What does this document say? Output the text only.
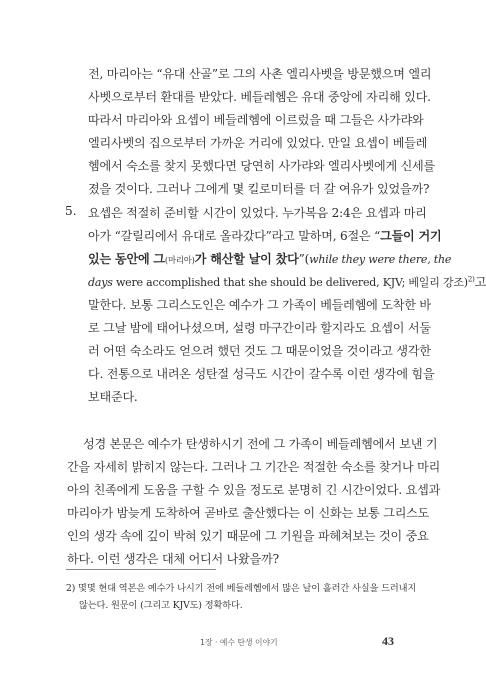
전, 마리아는 “유대 산골”로 그의 사촌 엘리사벳을 방문했으며 엘리
사벳으로부터 환대를 받았다. 베들레헴은 유대 중앙에 자리해 있다.
따라서 마리아와 요셉이 베들레헴에 이르렀을 때 그들은 사가랴와
엘리사벳의 집으로부터 가까운 거리에 있었다. 만일 요셉이 베들레
헴에서 숙소를 찾지 못했다면 당연히 사가랴와 엘리사벳에게 신세를
졌을 것이다. 그러나 그에게 몇 킬로미터를 더 갈 여유가 있었을까?
5. 요셉은 적절히 준비할 시간이 있었다. 누가복음 2:4은 요셉과 마리
아가 “갈릴리에서 유대로 올라갔다”라고 말하며, 6절은 “그들이 거기
있는 동안에 그(마리아)가 해산할 날이 찼다”(while they were there, the
days were accomplished that she should be delivered, KJV; 베일리 강조)$^{2)}$고
말한다. 보통 그리스도인은 예수가 그 가족이 베들레헴에 도착한 바
로 그날 밤에 태어나셨으며, 설령 마구간이라 할지라도 요셉이 서둘
러 어떤 숙소라도 얻으려 했던 것도 그 때문이었을 것이라고 생각한
다. 전통으로 내려온 성탄절 성극도 시간이 갈수록 이런 생각에 힘을
보태준다.
성경 본문은 예수가 탄생하시기 전에 그 가족이 베들레헴에서 보낸 기
간을 자세히 밝히지 않는다. 그러나 그 기간은 적절한 숙소를 찾거나 마리
아의 친족에게 도움을 구할 수 있을 정도로 분명히 긴 시간이었다. 요셉과
마리아가 밤늦게 도착하여 곧바로 출산했다는 이 신화는 보통 그리스도
인의 생각 속에 깊이 박혀 있기 때문에 그 기원을 파헤쳐보는 것이 중요
하다. 이런 생각은 대체 어디서 나왔을까?
2) 몇몇 현대 역본은 예수가 나시기 전에 베들레헴에서 많은 날이 흘러간 사실을 드러내지
않는다. 원문이 (그리고 KJV도) 정확하다.
1장 · 예수 탄생 이야기	43
